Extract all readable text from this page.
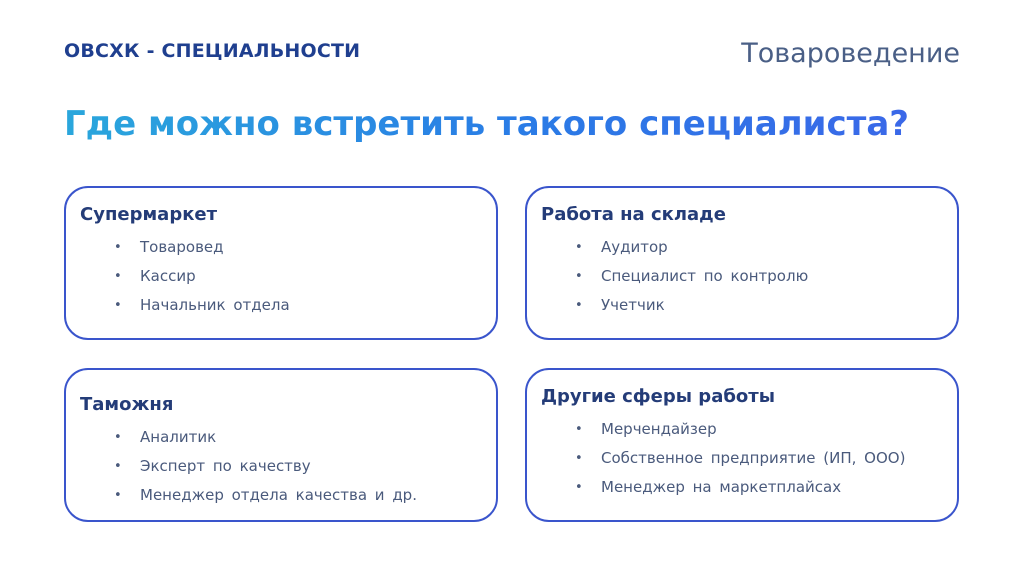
ОВСХК - СПЕЦИАЛЬНОСТИ	Товароведение
Где можно встретить такого специалиста?
Супермаркет
• Товаровед
• Кассир
• Начальник отдела
Работа на складе
• Аудитор
• Специалист по контролю
• Учетчик
Таможня
• Аналитик
• Эксперт по качеству
• Менеджер отдела качества и др.
Другие сферы работы
• Мерчендайзер
• Собственное предприятие (ИП, ООО)
• Менеджер на маркетплайсах
